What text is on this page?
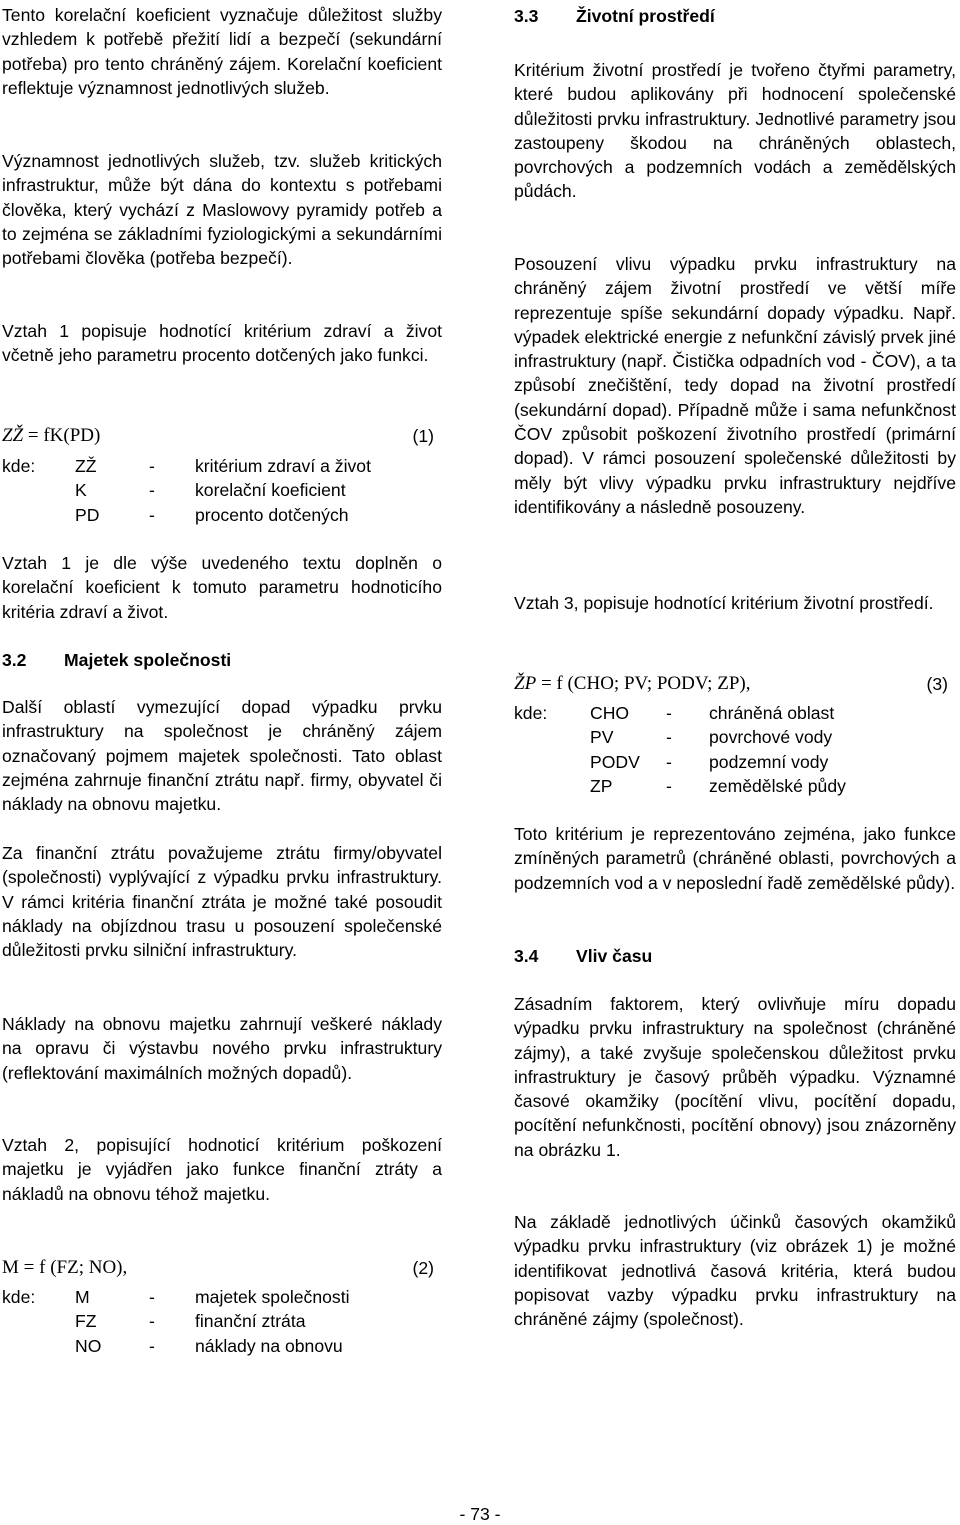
Tento korelační koeficient vyznačuje důležitost služby vzhledem k potřebě přežití lidí a bezpečí (sekundární potřeba) pro tento chráněný zájem. Korelační koeficient reflektuje významnost jednotlivých služeb.

Významnost jednotlivých služeb, tzv. služeb kritických infrastruktur, může být dána do kontextu s potřebami člověka, který vychází z Maslowovy pyramidy potřeb a to zejména se základními fyziologickými a sekundárními potřebami člověka (potřeba bezpečí).

Vztah 1 popisuje hodnotící kritérium zdraví a život včetně jeho parametru procento dotčených jako funkci.

ZŽ = fK(PD)	(1)
kde: ZŽ	- kritérium zdraví a život
K	- korelační koeficient
PD	- procento dotčených

Vztah 1 je dle výše uvedeného textu doplněn o korelační koeficient k tomuto parametru hodnoticího kritéria zdraví a život.

3.2 Majetek společnosti

Další oblastí vymezující dopad výpadku prvku infrastruktury na společnost je chráněný zájem označovaný pojmem majetek společnosti. Tato oblast zejména zahrnuje finanční ztrátu např. firmy, obyvatel či náklady na obnovu majetku.

Za finanční ztrátu považujeme ztrátu firmy/obyvatel (společnosti) vyplývající z výpadku prvku infrastruktury. V rámci kritéria finanční ztráta je možné také posoudit náklady na objízdnou trasu u posouzení společenské důležitosti prvku silniční infrastruktury.

Náklady na obnovu majetku zahrnují veškeré náklady na opravu či výstavbu nového prvku infrastruktury (reflektování maximálních možných dopadů).

Vztah 2, popisující hodnoticí kritérium poškození majetku je vyjádřen jako funkce finanční ztráty a nákladů na obnovu téhož majetku.

M = f (FZ; NO),	(2)
kde: M	- majetek společnosti
FZ	- finanční ztráta
NO	- náklady na obnovu
3.3 Životní prostředí

Kritérium životní prostředí je tvořeno čtyřmi parametry, které budou aplikovány při hodnocení společenské důležitosti prvku infrastruktury. Jednotlivé parametry jsou zastoupeny škodou na chráněných oblastech, povrchových a podzemních vodách a zemědělských půdách.

Posouzení vlivu výpadku prvku infrastruktury na chráněný zájem životní prostředí ve větší míře reprezentuje spíše sekundární dopady výpadku. Např. výpadek elektrické energie z nefunkční závislý prvek jiné infrastruktury (např. Čistička odpadních vod - ČOV), a ta způsobí znečištění, tedy dopad na životní prostředí (sekundární dopad). Případně může i sama nefunkčnost ČOV způsobit poškození životního prostředí (primární dopad). V rámci posouzení společenské důležitosti by měly být vlivy výpadku prvku infrastruktury nejdříve identifikovány a následně posouzeny.

Vztah 3, popisuje hodnotící kritérium životní prostředí.

ŽP = f (CHO; PV; PODV; ZP),	(3)
kde: CHO - chráněná oblast
PV	- povrchové vody
PODV - podzemní vody
ZP	- zemědělské půdy

Toto kritérium je reprezentováno zejména, jako funkce zmíněných parametrů (chráněné oblasti, povrchových a podzemních vod a v neposlední řadě zemědělské půdy).

3.4 Vliv času

Zásadním faktorem, který ovlivňuje míru dopadu výpadku prvku infrastruktury na společnost (chráněné zájmy), a také zvyšuje společenskou důležitost prvku infrastruktury je časový průběh výpadku. Významné časové okamžiky (pocítění vlivu, pocítění dopadu, pocítění nefunkčnosti, pocítění obnovy) jsou znázorněny na obrázku 1.

Na základě jednotlivých účinků časových okamžiků výpadku prvku infrastruktury (viz obrázek 1) je možné identifikovat jednotlivá časová kritéria, která budou popisovat vazby výpadku prvku infrastruktury na chráněné zájmy (společnost).

- 73 -
